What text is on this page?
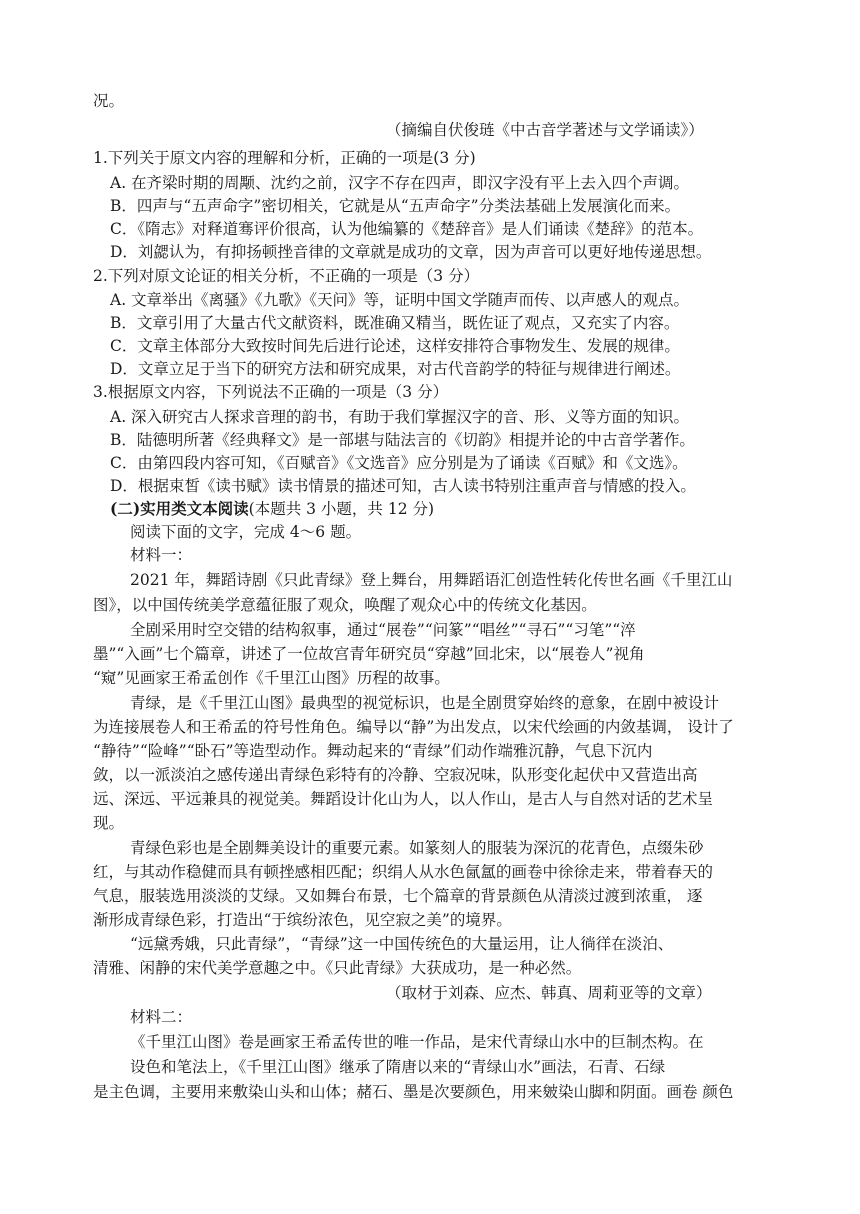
况。
（摘编自伏俊琏《中古音学著述与文学诵读》）
1.下列关于原文内容的理解和分析，正确的一项是(3 分)
A. 在齐梁时期的周颙、沈约之前，汉字不存在四声，即汉字没有平上去入四个声调。
B．四声与“五声命字”密切相关，它就是从“五声命字”分类法基础上发展演化而来。
C．《隋志》对释道骞评价很高，认为他编纂的《楚辞音》是人们诵读《楚辞》的范本。
D．刘勰认为，有抑扬顿挫音律的文章就是成功的文章，因为声音可以更好地传递思想。
2.下列对原文论证的相关分析，不正确的一项是（3 分）
A. 文章举出《离骚》《九歌》《天问》等，证明中国文学随声而传、以声感人的观点。
B．文章引用了大量古代文献资料，既准确又精当，既佐证了观点，又充实了内容。
C．文章主体部分大致按时间先后进行论述，这样安排符合事物发生、发展的规律。
D．文章立足于当下的研究方法和研究成果，对古代音韵学的特征与规律进行阐述。
3.根据原文内容，下列说法不正确的一项是（3 分）
A. 深入研究古人探求音理的韵书，有助于我们掌握汉字的音、形、义等方面的知识。
B．陆德明所著《经典释文》是一部堪与陆法言的《切韵》相提并论的中古音学著作。
C．由第四段内容可知，《百赋音》《文选音》应分别是为了诵读《百赋》和《文选》。
D．根据束皙《读书赋》读书情景的描述可知，古人读书特别注重声音与情感的投入。
(二)实用类文本阅读(本题共 3 小题，共 12 分)
阅读下面的文字，完成 4～6 题。
材料一：
2021 年，舞蹈诗剧《只此青绿》登上舞台，用舞蹈语汇创造性转化传世名画《千里江山
图》，以中国传统美学意蕴征服了观众，唤醒了观众心中的传统文化基因。
全剧采用时空交错的结构叙事，通过“展卷”“问篆”“唱丝”“寻石”“习笔”“淬
墨”“入画”七个篇章，讲述了一位故宫青年研究员“穿越”回北宋，以“展卷人”视角
“窥”见画家王希孟创作《千里江山图》历程的故事。
青绿，是《千里江山图》最典型的视觉标识，也是全剧贯穿始终的意象，在剧中被设计
为连接展卷人和王希孟的符号性角色。编导以“静”为出发点，以宋代绘画的内敛基调， 设计了
“静待”“险峰”“卧石”等造型动作。舞动起来的“青绿”们动作端雅沉静，气息下沉内
敛，以一派淡泊之感传递出青绿色彩特有的冷静、空寂况味，队形变化起伏中又营造出高
远、深远、平远兼具的视觉美。舞蹈设计化山为人，以人作山，是古人与自然对话的艺术呈
现。
青绿色彩也是全剧舞美设计的重要元素。如篆刻人的服装为深沉的花青色，点缀朱砂
红，与其动作稳健而具有顿挫感相匹配；织绢人从水色氤氲的画卷中徐徐走来，带着春天的
气息，服装选用淡淡的艾绿。又如舞台布景，七个篇章的背景颜色从清淡过渡到浓重， 逐
渐形成青绿色彩，打造出“于缤纷浓色，见空寂之美”的境界。
“远黛秀娥，只此青绿”，“青绿”这一中国传统色的大量运用，让人徜徉在淡泊、
清雅、闲静的宋代美学意趣之中。《只此青绿》大获成功，是一种必然。
（取材于刘森、应杰、韩真、周莉亚等的文章）
材料二：
《千里江山图》卷是画家王希孟传世的唯一作品，是宋代青绿山水中的巨制杰构。在
设色和笔法上，《千里江山图》继承了隋唐以来的“青绿山水”画法，石青、石绿
是主色调，主要用来敷染山头和山体；赭石、墨是次要颜色，用来皴染山脚和阴面。画卷 颜色
